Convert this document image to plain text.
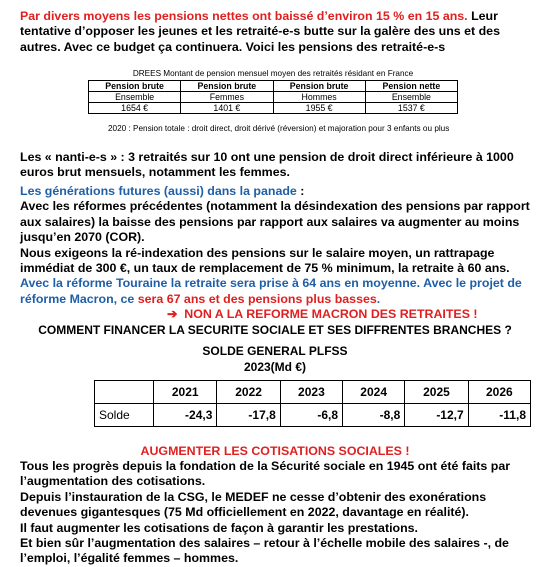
Par divers moyens les pensions nettes ont baissé d’environ 15 % en 15 ans. Leur tentative d’opposer les jeunes et les retraité-e-s butte sur la galère des uns et des autres. Avec ce budget ça continuera. Voici les pensions des retraité-e-s
DREES Montant de pension mensuel moyen des retraités résidant en France
Pension brute	Pension brute	Pension brute	Pension nette
Ensemble	Femmes	Hommes	Ensemble
1654 €	1401 €	1955 €	1537 €
2020 : Pension totale : droit direct, droit dérivé (réversion) et majoration pour 3 enfants ou plus
Les « nanti-e-s » : 3 retraités sur 10 ont une pension de droit direct inférieure à 1000 euros brut mensuels, notamment les femmes.
Les générations futures (aussi) dans la panade :
Avec les réformes précédentes (notamment la désindexation des pensions par rapport aux salaires) la baisse des pensions par rapport aux salaires va augmenter au moins jusqu’en 2070 (COR).
Nous exigeons la ré-indexation des pensions sur le salaire moyen, un rattrapage immédiat de 300 €, un taux de remplacement de 75 % minimum, la retraite à 60 ans.
Avec la réforme Touraine la retraite sera prise à 64 ans en moyenne. Avec le projet de réforme Macron, ce sera 67 ans et des pensions plus basses.
➔ NON A LA REFORME MACRON DES RETRAITES !
COMMENT FINANCER LA SECURITE SOCIALE ET SES DIFFRENTES BRANCHES ?
SOLDE GENERAL PLFSS
2023(Md €)
	2021	2022	2023	2024	2025	2026
Solde	-24,3	-17,8	-6,8	-8,8	-12,7	-11,8
AUGMENTER LES COTISATIONS SOCIALES !
Tous les progrès depuis la fondation de la Sécurité sociale en 1945 ont été faits par l’augmentation des cotisations.
Depuis l’instauration de la CSG, le MEDEF ne cesse d’obtenir des exonérations devenues gigantesques (75 Md officiellement en 2022, davantage en réalité).
Il faut augmenter les cotisations de façon à garantir les prestations.
Et bien sûr l’augmentation des salaires – retour à l’échelle mobile des salaires -, de l’emploi, l’égalité femmes – hommes.
